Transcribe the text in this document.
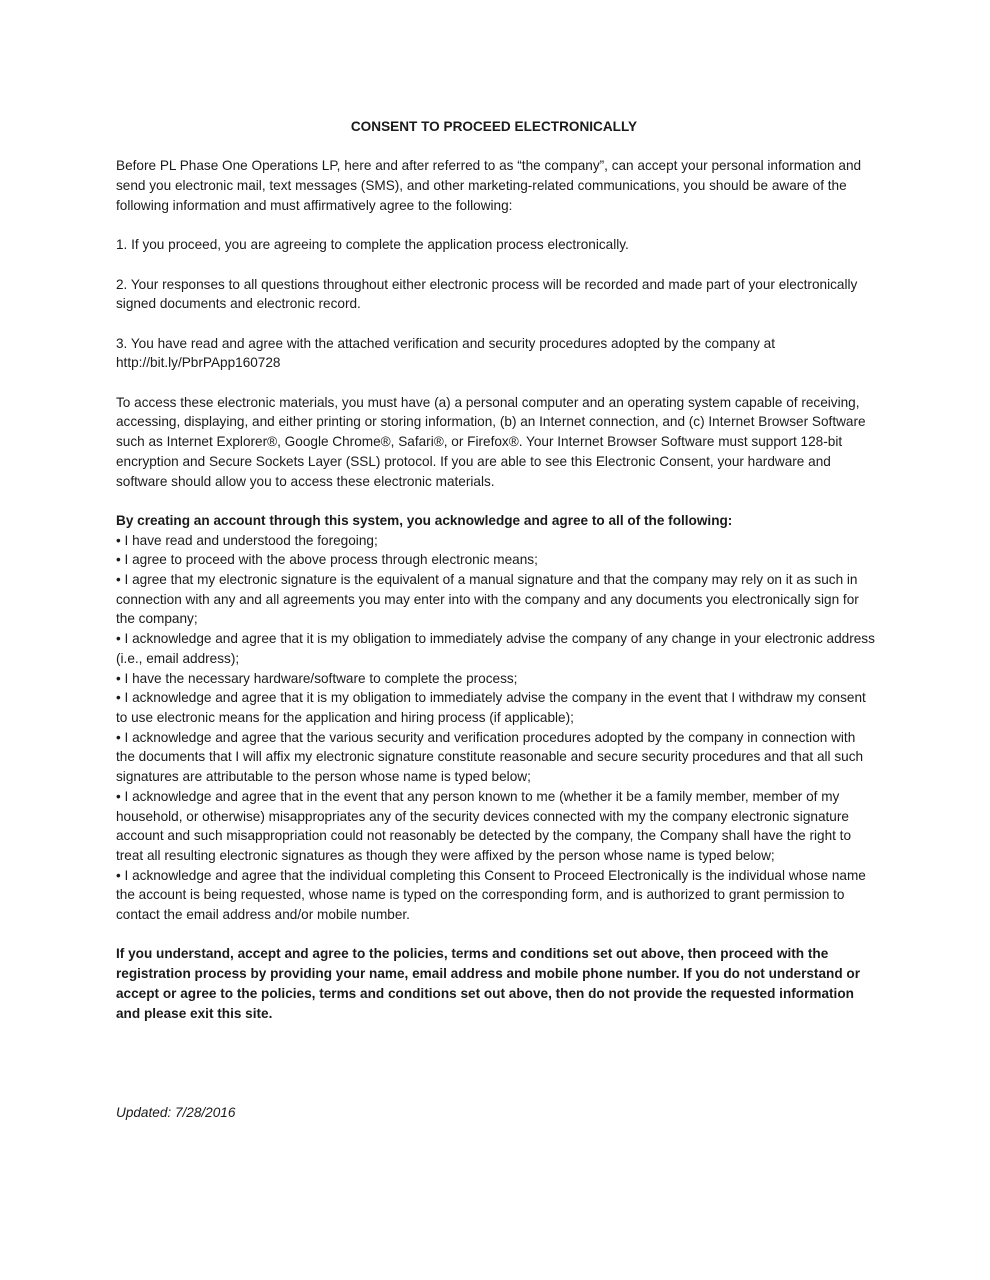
CONSENT TO PROCEED ELECTRONICALLY
Before PL Phase One Operations LP, here and after referred to as “the company”, can accept your personal information and send you electronic mail, text messages (SMS), and other marketing-related communications, you should be aware of the following information and must affirmatively agree to the following:
1. If you proceed, you are agreeing to complete the application process electronically.
2. Your responses to all questions throughout either electronic process will be recorded and made part of your electronically signed documents and electronic record.
3. You have read and agree with the attached verification and security procedures adopted by the company at http://bit.ly/PbrPApp160728
To access these electronic materials, you must have (a) a personal computer and an operating system capable of receiving, accessing, displaying, and either printing or storing information, (b) an Internet connection, and (c) Internet Browser Software such as Internet Explorer®, Google Chrome®, Safari®, or Firefox®. Your Internet Browser Software must support 128-bit encryption and Secure Sockets Layer (SSL) protocol. If you are able to see this Electronic Consent, your hardware and software should allow you to access these electronic materials.
By creating an account through this system, you acknowledge and agree to all of the following:
• I have read and understood the foregoing;
• I agree to proceed with the above process through electronic means;
• I agree that my electronic signature is the equivalent of a manual signature and that the company may rely on it as such in connection with any and all agreements you may enter into with the company and any documents you electronically sign for the company;
• I acknowledge and agree that it is my obligation to immediately advise the company of any change in your electronic address (i.e., email address);
• I have the necessary hardware/software to complete the process;
• I acknowledge and agree that it is my obligation to immediately advise the company in the event that I withdraw my consent to use electronic means for the application and hiring process (if applicable);
• I acknowledge and agree that the various security and verification procedures adopted by the company in connection with the documents that I will affix my electronic signature constitute reasonable and secure security procedures and that all such signatures are attributable to the person whose name is typed below;
• I acknowledge and agree that in the event that any person known to me (whether it be a family member, member of my household, or otherwise) misappropriates any of the security devices connected with my the company electronic signature account and such misappropriation could not reasonably be detected by the company, the Company shall have the right to treat all resulting electronic signatures as though they were affixed by the person whose name is typed below;
• I acknowledge and agree that the individual completing this Consent to Proceed Electronically is the individual whose name the account is being requested, whose name is typed on the corresponding form, and is authorized to grant permission to contact the email address and/or mobile number.
If you understand, accept and agree to the policies, terms and conditions set out above, then proceed with the registration process by providing your name, email address and mobile phone number. If you do not understand or accept or agree to the policies, terms and conditions set out above, then do not provide the requested information and please exit this site.
Updated: 7/28/2016
